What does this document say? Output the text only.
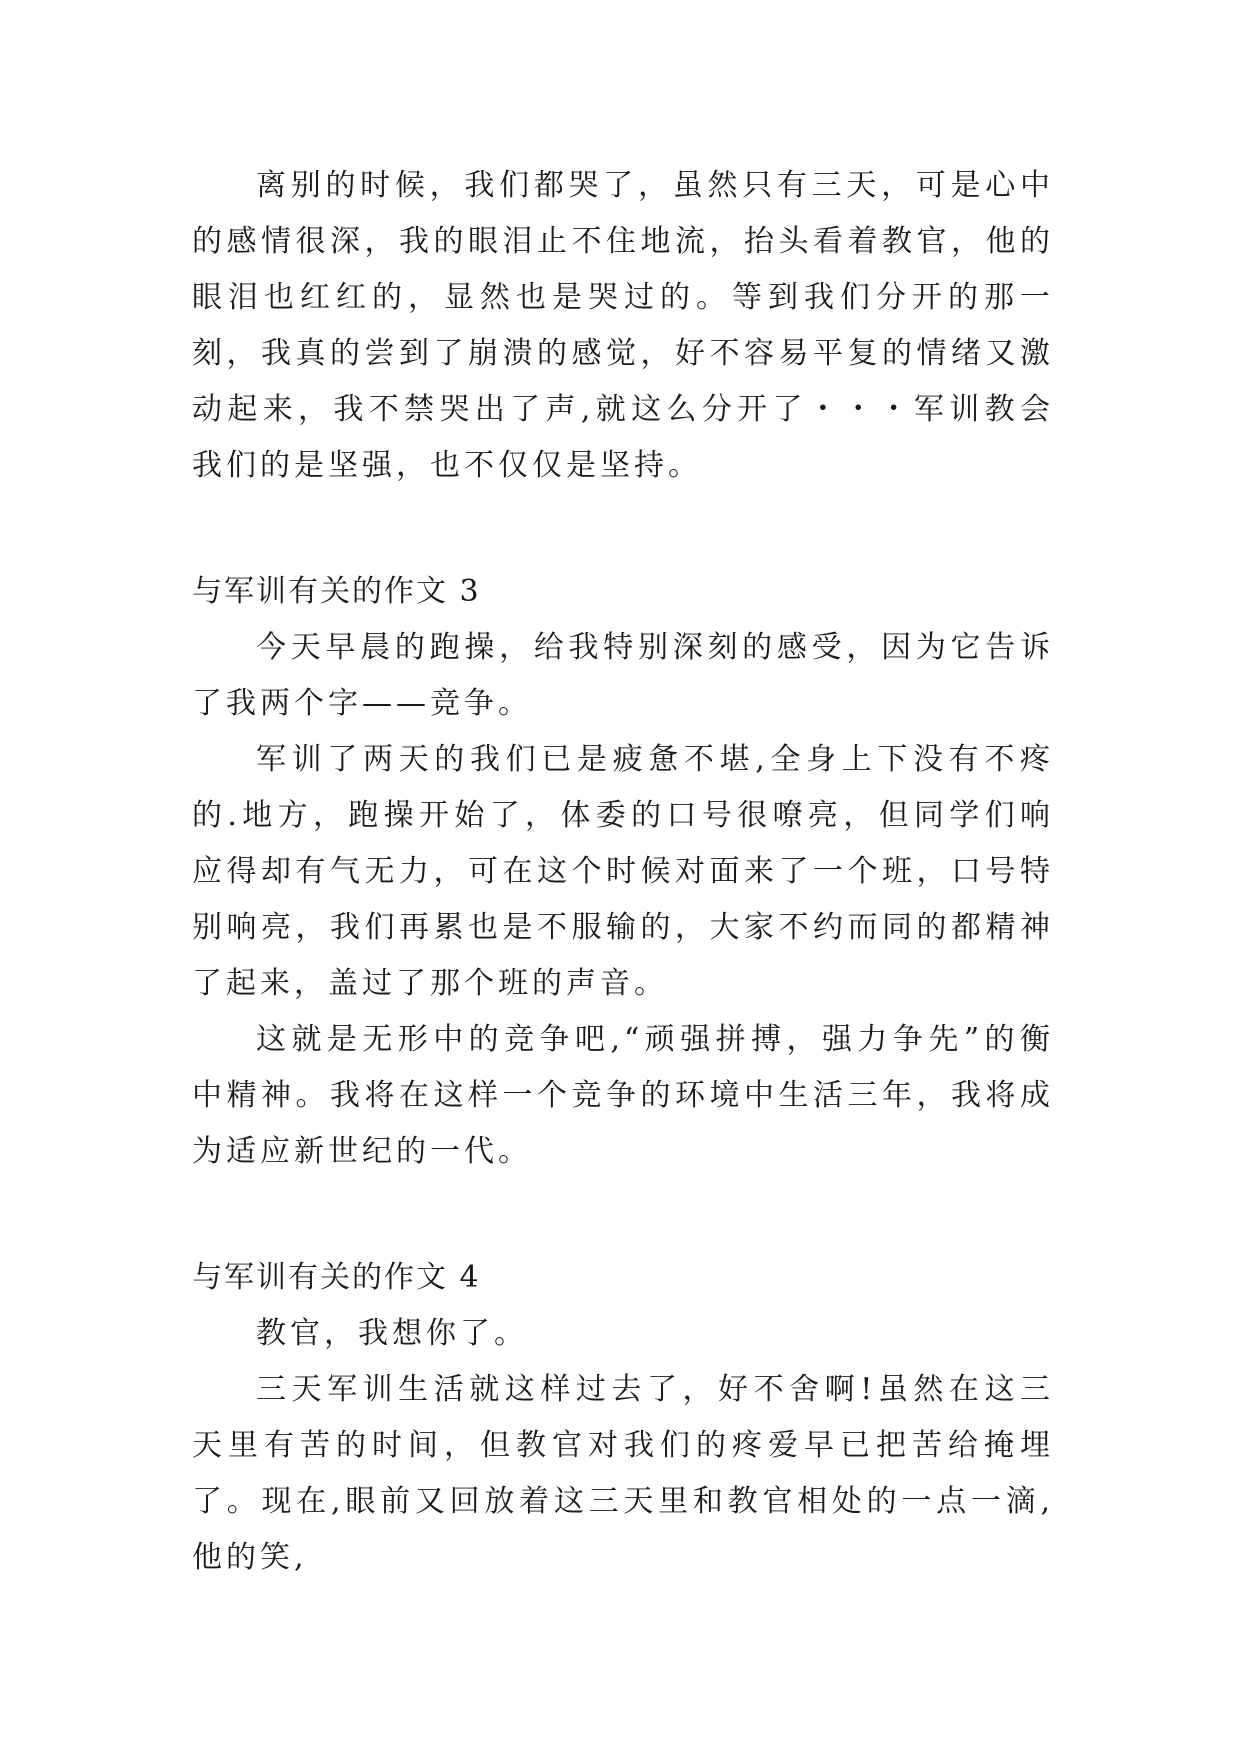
离别的时候，我们都哭了，虽然只有三天，可是心中的感情很深，我的眼泪止不住地流，抬头看着教官，他的眼泪也红红的，显然也是哭过的。等到我们分开的那一刻，我真的尝到了崩溃的感觉，好不容易平复的情绪又激动起来，我不禁哭出了声,就这么分开了・・・军训教会我们的是坚强，也不仅仅是坚持。

与军训有关的作文 3

今天早晨的跑操，给我特别深刻的感受，因为它告诉了我两个字——竞争。

军训了两天的我们已是疲惫不堪,全身上下没有不疼的.地方，跑操开始了，体委的口号很嘹亮，但同学们响应得却有气无力，可在这个时候对面来了一个班，口号特别响亮，我们再累也是不服输的，大家不约而同的都精神了起来，盖过了那个班的声音。

这就是无形中的竞争吧,“顽强拼搏，强力争先”的衡中精神。我将在这样一个竞争的环境中生活三年，我将成为适应新世纪的一代。

与军训有关的作文 4

教官，我想你了。

三天军训生活就这样过去了，好不舍啊!虽然在这三天里有苦的时间，但教官对我们的疼爱早已把苦给掩埋了。现在,眼前又回放着这三天里和教官相处的一点一滴,他的笑,
